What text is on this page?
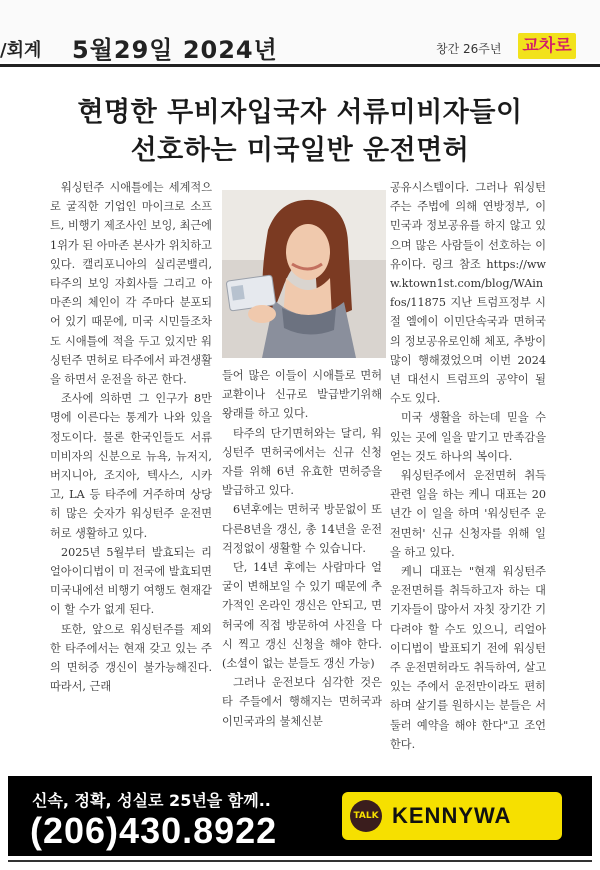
/회계 5월29일 2024년	창간 26주년 교차로
현명한 무비자입국자 서류미비자들이
선호하는 미국일반 운전면허

워싱턴주 시애틀에는 세계적으로 굴직한 기업인 마이크로 소프트, 비행기 제조사인 보잉, 최근에 1위가 된 아마존 본사가 위치하고 있다. 캘리포니아의 실리콘밸리, 타주의 보잉 자회사들 그리고 아마존의 체인이 각 주마다 분포되어 있기 때문에, 미국 시민들조차도 시애틀에 적을 두고 있지만 워싱턴주 면허로 타주에서 파견생활을 하면서 운전을 하곤 한다.

조사에 의하면 그 인구가 8만명에 이른다는 통계가 나와 있을 정도이다. 물론 한국인들도 서류 미비자의 신분으로 뉴욕, 뉴저지, 버지니아, 조지아, 텍사스, 시카고, LA 등 타주에 거주하며 상당히 많은 숫자가 워싱턴주 운전면허로 생활하고 있다.

2025년 5월부터 발효되는 리얼아이디법이 미 전국에 발효되면 미국내에선 비행기 여행도 현재같이 할 수가 없게 된다.

또한, 앞으로 워싱턴주를 제외한 타주에서는 현재 갖고 있는 주의 면허증 갱신이 불가능해진다. 따라서, 근래

들어 많은 이들이 시애틀로 면허교환이나 신규로 발급받기위해 왕래를 하고 있다.

타주의 단기면허와는 달리, 워싱턴주 면허국에서는 신규 신청자를 위해 6년 유효한 면허증을 발급하고 있다.

6년후에는 면허국 방문없이 또 다른8년을 갱신, 총 14년을 운전 걱정없이 생활할 수 있습니다.

단, 14년 후에는 사람마다 얼굴이 변해보일 수 있기 때문에 추가적인 온라인 갱신은 안되고, 면허국에 직접 방문하여 사진을 다시 찍고 갱신 신청을 해야 한다. (소셜이 없는 분들도 갱신 가능)

그러나 운전보다 심각한 것은 타 주들에서 행해지는 면허국과 이민국과의 불체신분

공유시스템이다. 그러나 워싱턴주는 주법에 의해 연방정부, 이민국과 정보공유를 하지 않고 있으며 많은 사람들이 선호하는 이유이다. 링크 참조 https://www.ktown1st.com/blog/WAinfos/11875 지난 트럼프정부 시절 엘에이 이민단속국과 면허국의 정보공유로인해 체포, 추방이 많이 행해졌었으며 이번 2024년 대선시 트럼프의 공약이 될 수도 있다.

미국 생활을 하는데 믿을 수 있는 곳에 일을 맡기고 만족감을 얻는 것도 하나의 복이다.

워싱턴주에서 운전면허 취득관련 일을 하는 케니 대표는 20년간 이 일을 하며 '워싱턴주 운전면허' 신규 신청자를 위해 일을 하고 있다.

케니 대표는 "현재 워싱턴주 운전면허를 취득하고자 하는 대기자들이 많아서 자칫 장기간 기다려야 할 수도 있으니, 리얼아이디법이 발표되기 전에 워싱턴주 운전면허라도 취득하여, 살고 있는 주에서 운전만이라도 편히 하며 살기를 원하시는 분들은 서둘러 예약을 해야 한다"고 조언한다.

신속, 정확, 성실로 25년을 함께..
(206)430.8922	TALK KENNYWA
